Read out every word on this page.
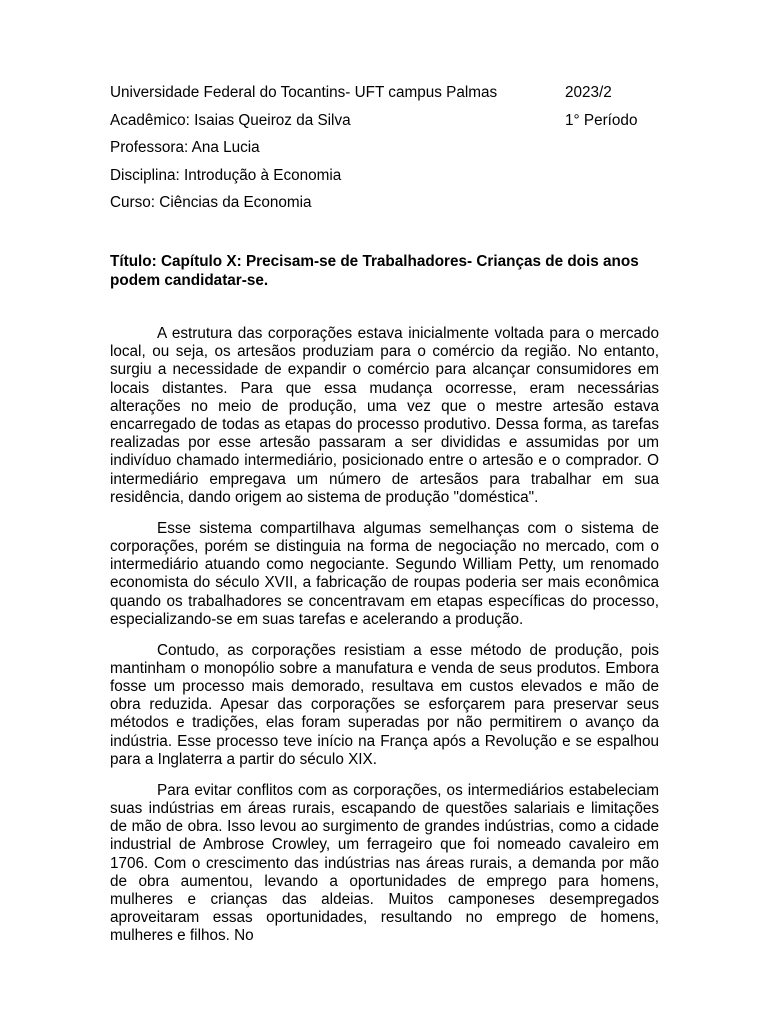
Universidade Federal do Tocantins- UFT campus Palmas	2023/2
Acadêmico: Isaias Queiroz da Silva	1° Período
Professora: Ana Lucia
Disciplina: Introdução à Economia
Curso: Ciências da Economia
Título: Capítulo X: Precisam-se de Trabalhadores- Crianças de dois anos podem candidatar-se.

A estrutura das corporações estava inicialmente voltada para o mercado local, ou seja, os artesãos produziam para o comércio da região. No entanto, surgiu a necessidade de expandir o comércio para alcançar consumidores em locais distantes. Para que essa mudança ocorresse, eram necessárias alterações no meio de produção, uma vez que o mestre artesão estava encarregado de todas as etapas do processo produtivo. Dessa forma, as tarefas realizadas por esse artesão passaram a ser divididas e assumidas por um indivíduo chamado intermediário, posicionado entre o artesão e o comprador. O intermediário empregava um número de artesãos para trabalhar em sua residência, dando origem ao sistema de produção "doméstica".

Esse sistema compartilhava algumas semelhanças com o sistema de corporações, porém se distinguia na forma de negociação no mercado, com o intermediário atuando como negociante. Segundo William Petty, um renomado economista do século XVII, a fabricação de roupas poderia ser mais econômica quando os trabalhadores se concentravam em etapas específicas do processo, especializando-se em suas tarefas e acelerando a produção.

Contudo, as corporações resistiam a esse método de produção, pois mantinham o monopólio sobre a manufatura e venda de seus produtos. Embora fosse um processo mais demorado, resultava em custos elevados e mão de obra reduzida. Apesar das corporações se esforçarem para preservar seus métodos e tradições, elas foram superadas por não permitirem o avanço da indústria. Esse processo teve início na França após a Revolução e se espalhou para a Inglaterra a partir do século XIX.

Para evitar conflitos com as corporações, os intermediários estabeleciam suas indústrias em áreas rurais, escapando de questões salariais e limitações de mão de obra. Isso levou ao surgimento de grandes indústrias, como a cidade industrial de Ambrose Crowley, um ferrageiro que foi nomeado cavaleiro em 1706. Com o crescimento das indústrias nas áreas rurais, a demanda por mão de obra aumentou, levando a oportunidades de emprego para homens, mulheres e crianças das aldeias. Muitos camponeses desempregados aproveitaram essas oportunidades, resultando no emprego de homens, mulheres e filhos. No
